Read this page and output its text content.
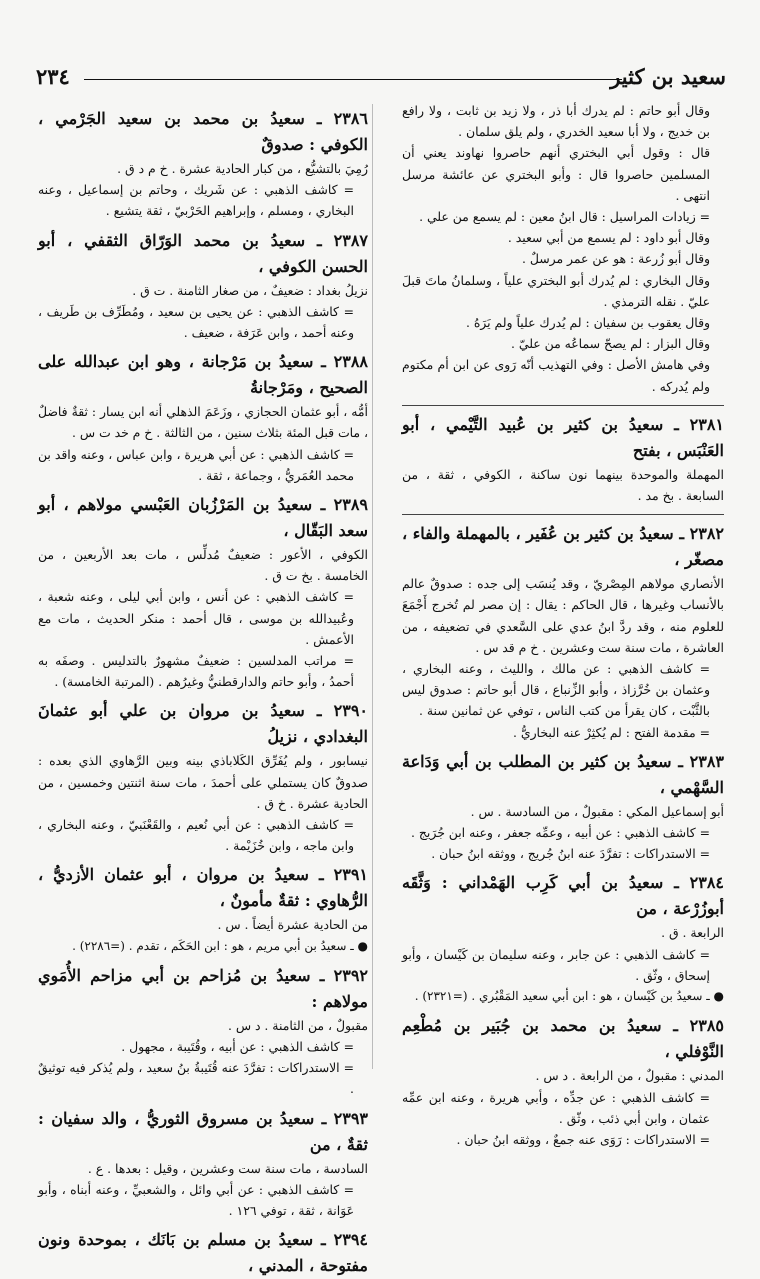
سعيد بن كثير
٢٣٤

وقال أبو حاتم : لم يدرك أبا ذر ، ولا زيد بن ثابت ، ولا رافع بن خديج ، ولا أبا سعيد الخدري ، ولم يلق سلمان .

قال : وقول أبي البختري أنهم حاصروا نهاوند يعني أن المسلمين حاصروا قال : وأبو البختري عن عائشة مرسل انتهى .

= زيادات المراسيل : قال ابنُ معين : لم يسمع من علي .

وقال أبو داود : لم يسمع من أبي سعيد .

وقال أبو زُرعة : هو عن عمر مرسلٌ .

وقال البخاري : لم يُدرك أبو البختري علياً ، وسلمانُ ماتَ قبلَ عليّ . نقله الترمذي .

وقال يعقوب بن سفيان : لم يُدرك علياً ولم يَرَهُ .

وقال البزار : لم يصحّ سماعُه من عليّ .

وفي هامش الأصل : وفي التهذيب أنّه رَوى عن ابن أم مكتوم ولم يُدركه .

٢٣٨١ ـ سعيدُ بن كثير بن عُبيد التَّيْمي ، أبو العَنْبَس ، بفتح

المهملة والموحدة بينهما نون ساكنة ، الكوفي ، ثقة ، من السابعة . بخ مد .

٢٣٨٢ ـ سعيدُ بن كثير بن عُفَير ، بالمهملة والفاء ، مصغّر ،

الأنصاري مولاهم المِصْريّ ، وقد يُنسَب إلى جده : صدوقٌ عالم بالأنساب وغيرها ، قال الحاكم : يقال : إن مصر لم تُخرج أَجْمَعَ للعلوم منه ، وقد ردَّ ابنُ عدي على السَّعدي في تضعيفه ، من العاشرة ، مات سنة ست وعشرين . خ م قد س .

= كاشف الذهبي : عن مالك ، والليث ، وعنه البخاري ، وعثمان بن خُرَّزاذ ، وأبو الزِّنباع ، قال أبو حاتم : صدوق ليس بالثَّبْت ، كان يقرأ من كتب الناس ، توفي عن ثمانين سنة .

= مقدمة الفتح : لم يُكثِرْ عنه البخاريُّ .

٢٣٨٣ ـ سعيدُ بن كثير بن المطلب بن أبي وَدَاعة السَّهْمي ،

أبو إسماعيل المكي : مقبولٌ ، من السادسة . س .

= كاشف الذهبي : عن أبيه ، وعمِّه جعفر ، وعنه ابن جُرَيج .

= الاستدراكات : تفرَّدَ عنه ابنُ جُريج ، ووثقه ابنُ حبان .

٢٣٨٤ ـ سعيدُ بن أبي كَرِب الهَمْداني : وَثَّقَه أبوزُرْعة ، من

الرابعة . ق .

= كاشف الذهبي : عن جابر ، وعنه سليمان بن كَيْسان ، وأبو إسحاق ، وثّق .

● ـ سعيدُ بن كَيْسان ، هو : ابن أبي سعيد المَقْبُري . (=٢٣٢١) .

٢٣٨٥ ـ سعيدُ بن محمد بن جُبَير بن مُطْعِم النَّوْفلي ،

المدني : مقبولٌ ، من الرابعة . د س .

= كاشف الذهبي : عن جدِّه ، وأبي هريرة ، وعنه ابن عمِّه عثمان ، وابن أبي ذئب ، وثّق .

= الاستدراكات : رَوَى عنه جمعٌ ، ووثقه ابنُ حبان .

٢٣٨٦ ـ سعيدُ بن محمد بن سعيد الجَرْمي ، الكوفي : صدوقٌ

رُمِيَ بالتشيُّع ، من كبار الحادية عشرة . خ م د ق .

= كاشف الذهبي : عن شَريك ، وحاتم بن إسماعيل ، وعنه البخاري ، ومسلم ، وإبراهيم الحَرْبيّ ، ثقة يتشيع .

٢٣٨٧ ـ سعيدُ بن محمد الوَرّاق الثقفي ، أبو الحسن الكوفي ،

نزيلُ بغداد : ضعيفٌ ، من صغار الثامنة . ت ق .

= كاشف الذهبي : عن يحيى بن سعيد ، ومُطَرِّف بن طَريف ، وعنه أحمد ، وابن عَرَفة ، ضعيف .

٢٣٨٨ ـ سعيدُ بن مَرْجانة ، وهو ابن عبدالله على الصحيح ، ومَرْجانةُ

أمُّه ، أبو عثمان الحجازي ، وزَعَمَ الذهلي أنه ابن يسار : ثقةٌ فاضلٌ ، مات قبل المئة بثلاث سنين ، من الثالثة . خ م خد ت س .

= كاشف الذهبي : عن أبي هريرة ، وابن عباس ، وعنه واقد بن محمد العُمَريُّ ، وجماعة ، ثقة .

٢٣٨٩ ـ سعيدُ بن المَرْزُبان العَبْسي مولاهم ، أبو سعد البَقّال ،

الكوفي ، الأعور : ضعيفٌ مُدلِّس ، مات بعد الأربعين ، من الخامسة . بخ ت ق .

= كاشف الذهبي : عن أنس ، وابن أبي ليلى ، وعنه شعبة ، وعُبيدالله بن موسى ، قال أحمد : منكر الحديث ، مات مع الأعمش .

= مراتب المدلسين : ضعيفٌ مشهورٌ بالتدليس . وصفَه به أحمدُ ، وأبو حاتم والدارقطنيُّ وغيرُهم . (المرتبة الخامسة) .

٢٣٩٠ ـ سعيدُ بن مروان بن علي أبو عثمانَ البغدادي ، نزيلُ

نيسابور ، ولم يُفَرِّق الكَلاباذي بينه وبين الرَّهاوي الذي بعده : صدوقٌ كان يستملي على أحمدَ ، مات سنة اثنتين وخمسين ، من الحادية عشرة . خ ق .

= كاشف الذهبي : عن أبي نُعيم ، والقَعْنَبيّ ، وعنه البخاري ، وابن ماجه ، وابن خُزَيْمة .

٢٣٩١ ـ سعيدُ بن مروان ، أبو عثمان الأزديُّ ، الرُّهاوي : ثقةٌ مأمونٌ ،

من الحادية عشرة أيضاً . س .

● ـ سعيدُ بن أبي مريم ، هو : ابن الحَكَم ، تقدم . (=٢٢٨٦) .

٢٣٩٢ ـ سعيدُ بن مُزاحم بن أبي مزاحم الأُمَوي مولاهم :

مقبولٌ ، من الثامنة . د س .

= كاشف الذهبي : عن أبيه ، وقُتَيبة ، مجهول .

= الاستدراكات : تفرَّدَ عنه قُتَيبةُ بنُ سعيد ، ولم يُذكر فيه توثيقٌ .

٢٣٩٣ ـ سعيدُ بن مسروق الثوريُّ ، والد سفيان : ثقةٌ ، من

السادسة ، مات سنة ست وعشرين ، وقيل : بعدها . ع .

= كاشف الذهبي : عن أبي وائل ، والشعبيِّ ، وعنه أبناه ، وأبو عَوَانة ، ثقة ، توفي ١٢٦ .

٢٣٩٤ ـ سعيدُ بن مسلم بن بَانَك ، بموحدة ونون مفتوحة ، المدني ،
